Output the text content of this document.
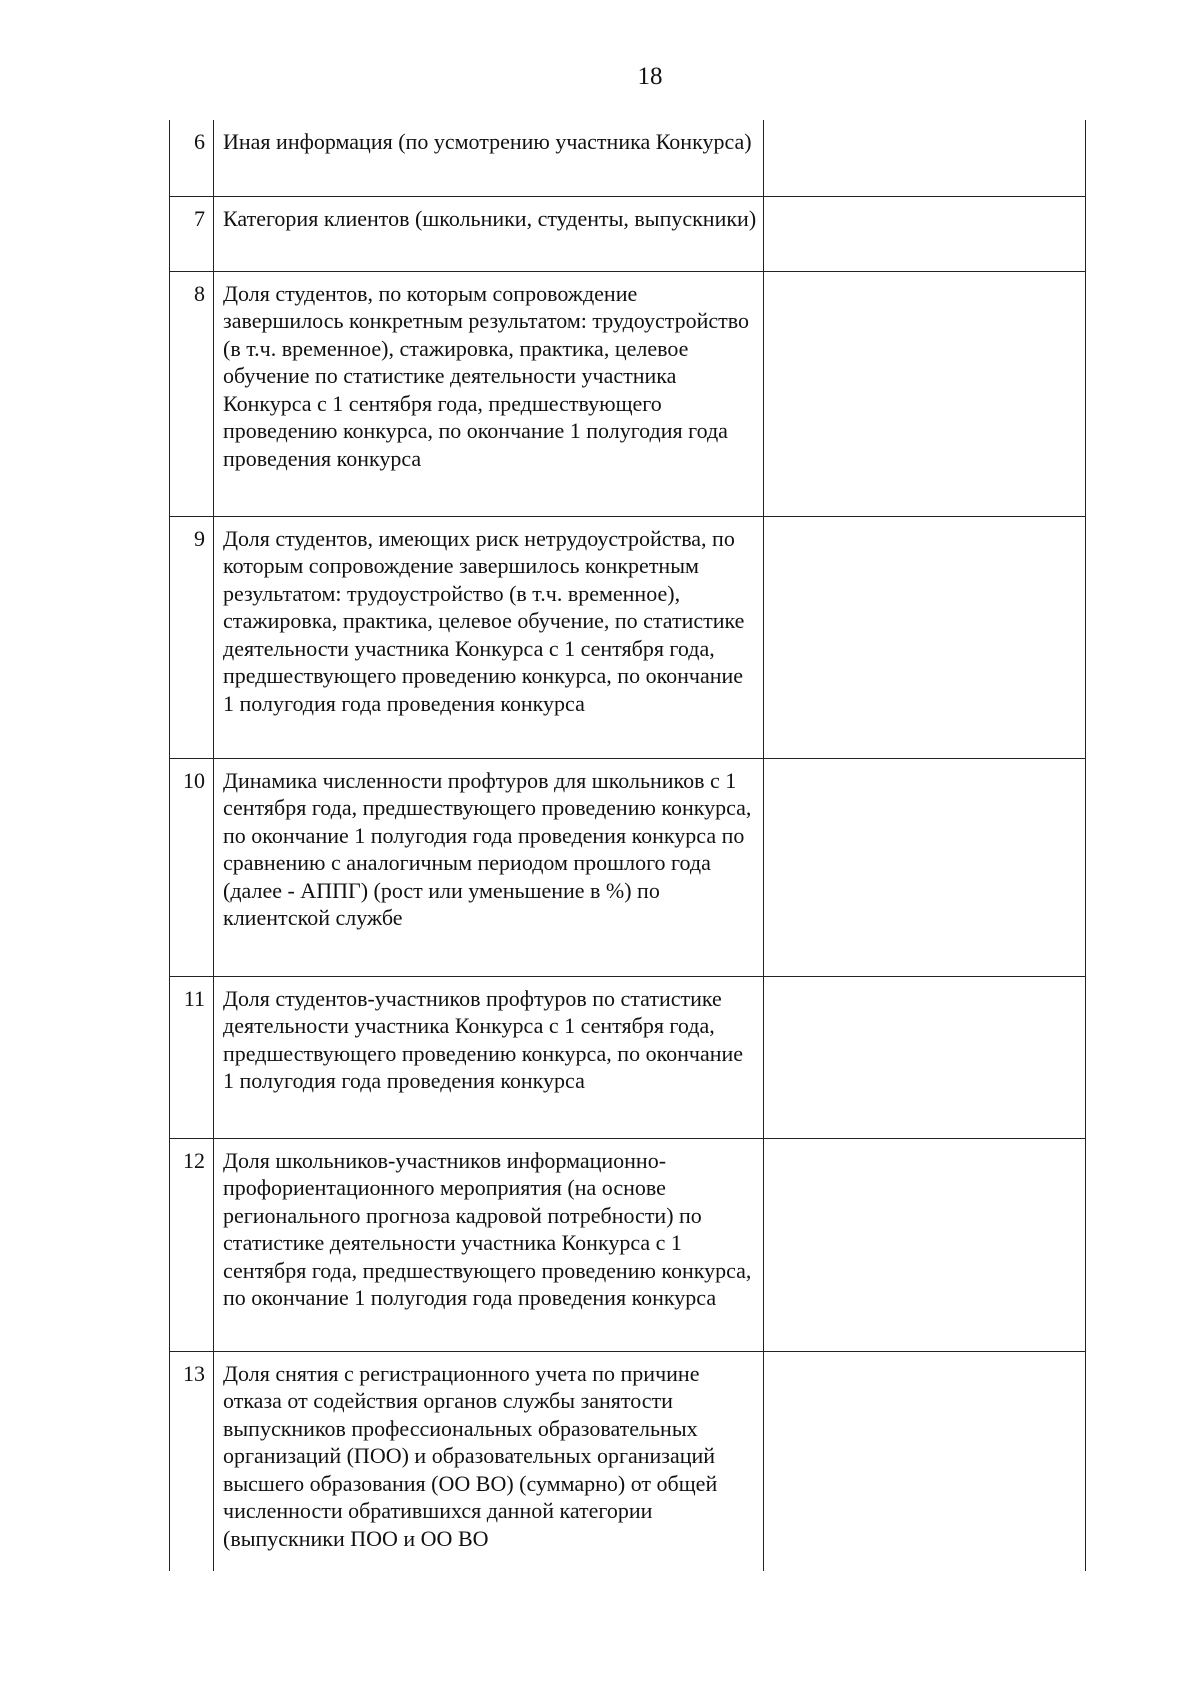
18
6	Иная информация (по усмотрению участника Конкурса)	
7	Категория клиентов (школьники, студенты, выпускники)	
8	Доля студентов, по которым сопровождение завершилось конкретным результатом: трудоустройство (в т.ч. временное), стажировка, практика, целевое обучение по статистике деятельности участника Конкурса с 1 сентября года, предшествующего проведению конкурса, по окончание 1 полугодия года проведения конкурса	
9	Доля студентов, имеющих риск нетрудоустройства, по которым сопровождение завершилось конкретным результатом: трудоустройство (в т.ч. временное), стажировка, практика, целевое обучение, по статистике деятельности участника Конкурса с 1 сентября года, предшествующего проведению конкурса, по окончание 1 полугодия года проведения конкурса	
10	Динамика численности профтуров для школьников с 1 сентября года, предшествующего проведению конкурса, по окончание 1 полугодия года проведения конкурса по сравнению с аналогичным периодом прошлого года (далее - АППГ) (рост или уменьшение в %) по клиентской службе	
11	Доля студентов-участников профтуров по статистике деятельности участника Конкурса с 1 сентября года, предшествующего проведению конкурса, по окончание 1 полугодия года проведения конкурса	
12	Доля школьников-участников информационно-профориентационного мероприятия (на основе регионального прогноза кадровой потребности) по статистике деятельности участника Конкурса с 1 сентября года, предшествующего проведению конкурса, по окончание 1 полугодия года проведения конкурса	
13	Доля снятия с регистрационного учета по причине отказа от содействия органов службы занятости выпускников профессиональных образовательных организаций (ПОО) и образовательных организаций высшего образования (ОО ВО) (суммарно) от общей численности обратившихся данной категории (выпускники ПОО и ОО ВО	
